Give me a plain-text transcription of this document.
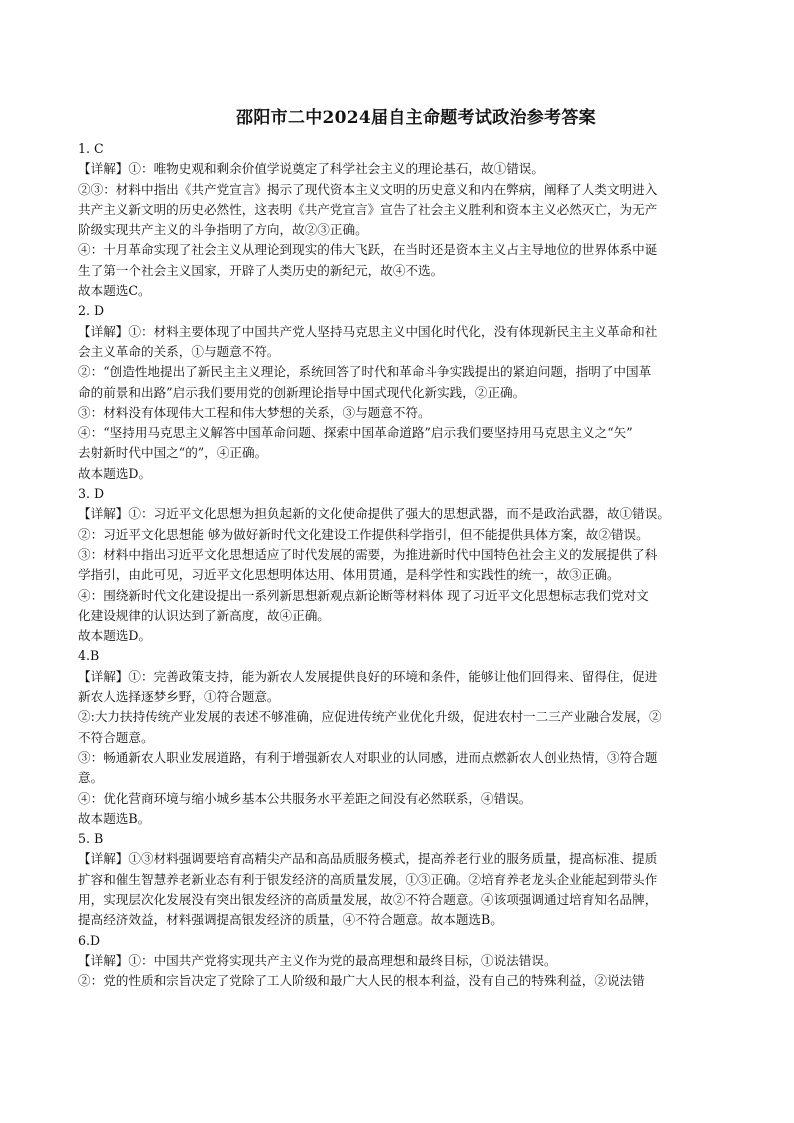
邵阳市二中2024届自主命题考试政治参考答案
1. C
【详解】①：唯物史观和剩余价值学说奠定了科学社会主义的理论基石，故①错误。
②③：材料中指出《共产党宣言》揭示了现代资本主义文明的历史意义和内在弊病，阐释了人类文明进入
共产主义新文明的历史必然性，这表明《共产党宣言》宣告了社会主义胜利和资本主义必然灭亡，为无产
阶级实现共产主义的斗争指明了方向，故②③正确。
④：十月革命实现了社会主义从理论到现实的伟大飞跃，在当时还是资本主义占主导地位的世界体系中诞
生了第一个社会主义国家，开辟了人类历史的新纪元，故④不选。
故本题选C。
2. D
【详解】①：材料主要体现了中国共产党人坚持马克思主义中国化时代化，没有体现新民主主义革命和社
会主义革命的关系，①与题意不符。
②：“创造性地提出了新民主主义理论，系统回答了时代和革命斗争实践提出的紧迫问题，指明了中国革
命的前景和出路”启示我们要用党的创新理论指导中国式现代化新实践，②正确。
③：材料没有体现伟大工程和伟大梦想的关系，③与题意不符。
④：“坚持用马克思主义解答中国革命问题、探索中国革命道路”启示我们要坚持用马克思主义之“矢”
去射新时代中国之“的”，④正确。
故本题选D。
3. D
【详解】①：习近平文化思想为担负起新的文化使命提供了强大的思想武器，而不是政治武器，故①错误。
②：习近平文化思想能 够为做好新时代文化建设工作提供科学指引，但不能提供具体方案，故②错误。
③：材料中指出习近平文化思想适应了时代发展的需要，为推进新时代中国特色社会主义的发展提供了科
学指引，由此可见，习近平文化思想明体达用、体用贯通，是科学性和实践性的统一，故③正确。
④：围绕新时代文化建设提出一系列新思想新观点新论断等材料体 现了习近平文化思想标志我们党对文
化建设规律的认识达到了新高度，故④正确。
故本题选D。
4.B
【详解】①：完善政策支持，能为新农人发展提供良好的环境和条件，能够让他们回得来、留得住，促进
新农人选择逐梦乡野，①符合题意。
②:大力扶持传统产业发展的表述不够准确，应促进传统产业优化升级，促进农村一二三产业融合发展，②
不符合题意。
③：畅通新农人职业发展道路，有利于增强新农人对职业的认同感，进而点燃新农人创业热情，③符合题
意。
④：优化营商环境与缩小城乡基本公共服务水平差距之间没有必然联系，④错误。
故本题选B。
5. B
【详解】①③材料强调要培育高精尖产品和高品质服务模式，提高养老行业的服务质量，提高标准、提质
扩容和催生智慧养老新业态有利于银发经济的高质量发展，①③正确。②培育养老龙头企业能起到带头作
用，实现层次化发展没有突出银发经济的高质量发展，故②不符合题意。④该项强调通过培育知名品牌，
提高经济效益，材料强调提高银发经济的质量，④不符合题意。故本题选B。
6.D
【详解】①：中国共产党将实现共产主义作为党的最高理想和最终目标，①说法错误。
②：党的性质和宗旨决定了党除了工人阶级和最广大人民的根本利益，没有自己的特殊利益，②说法错
